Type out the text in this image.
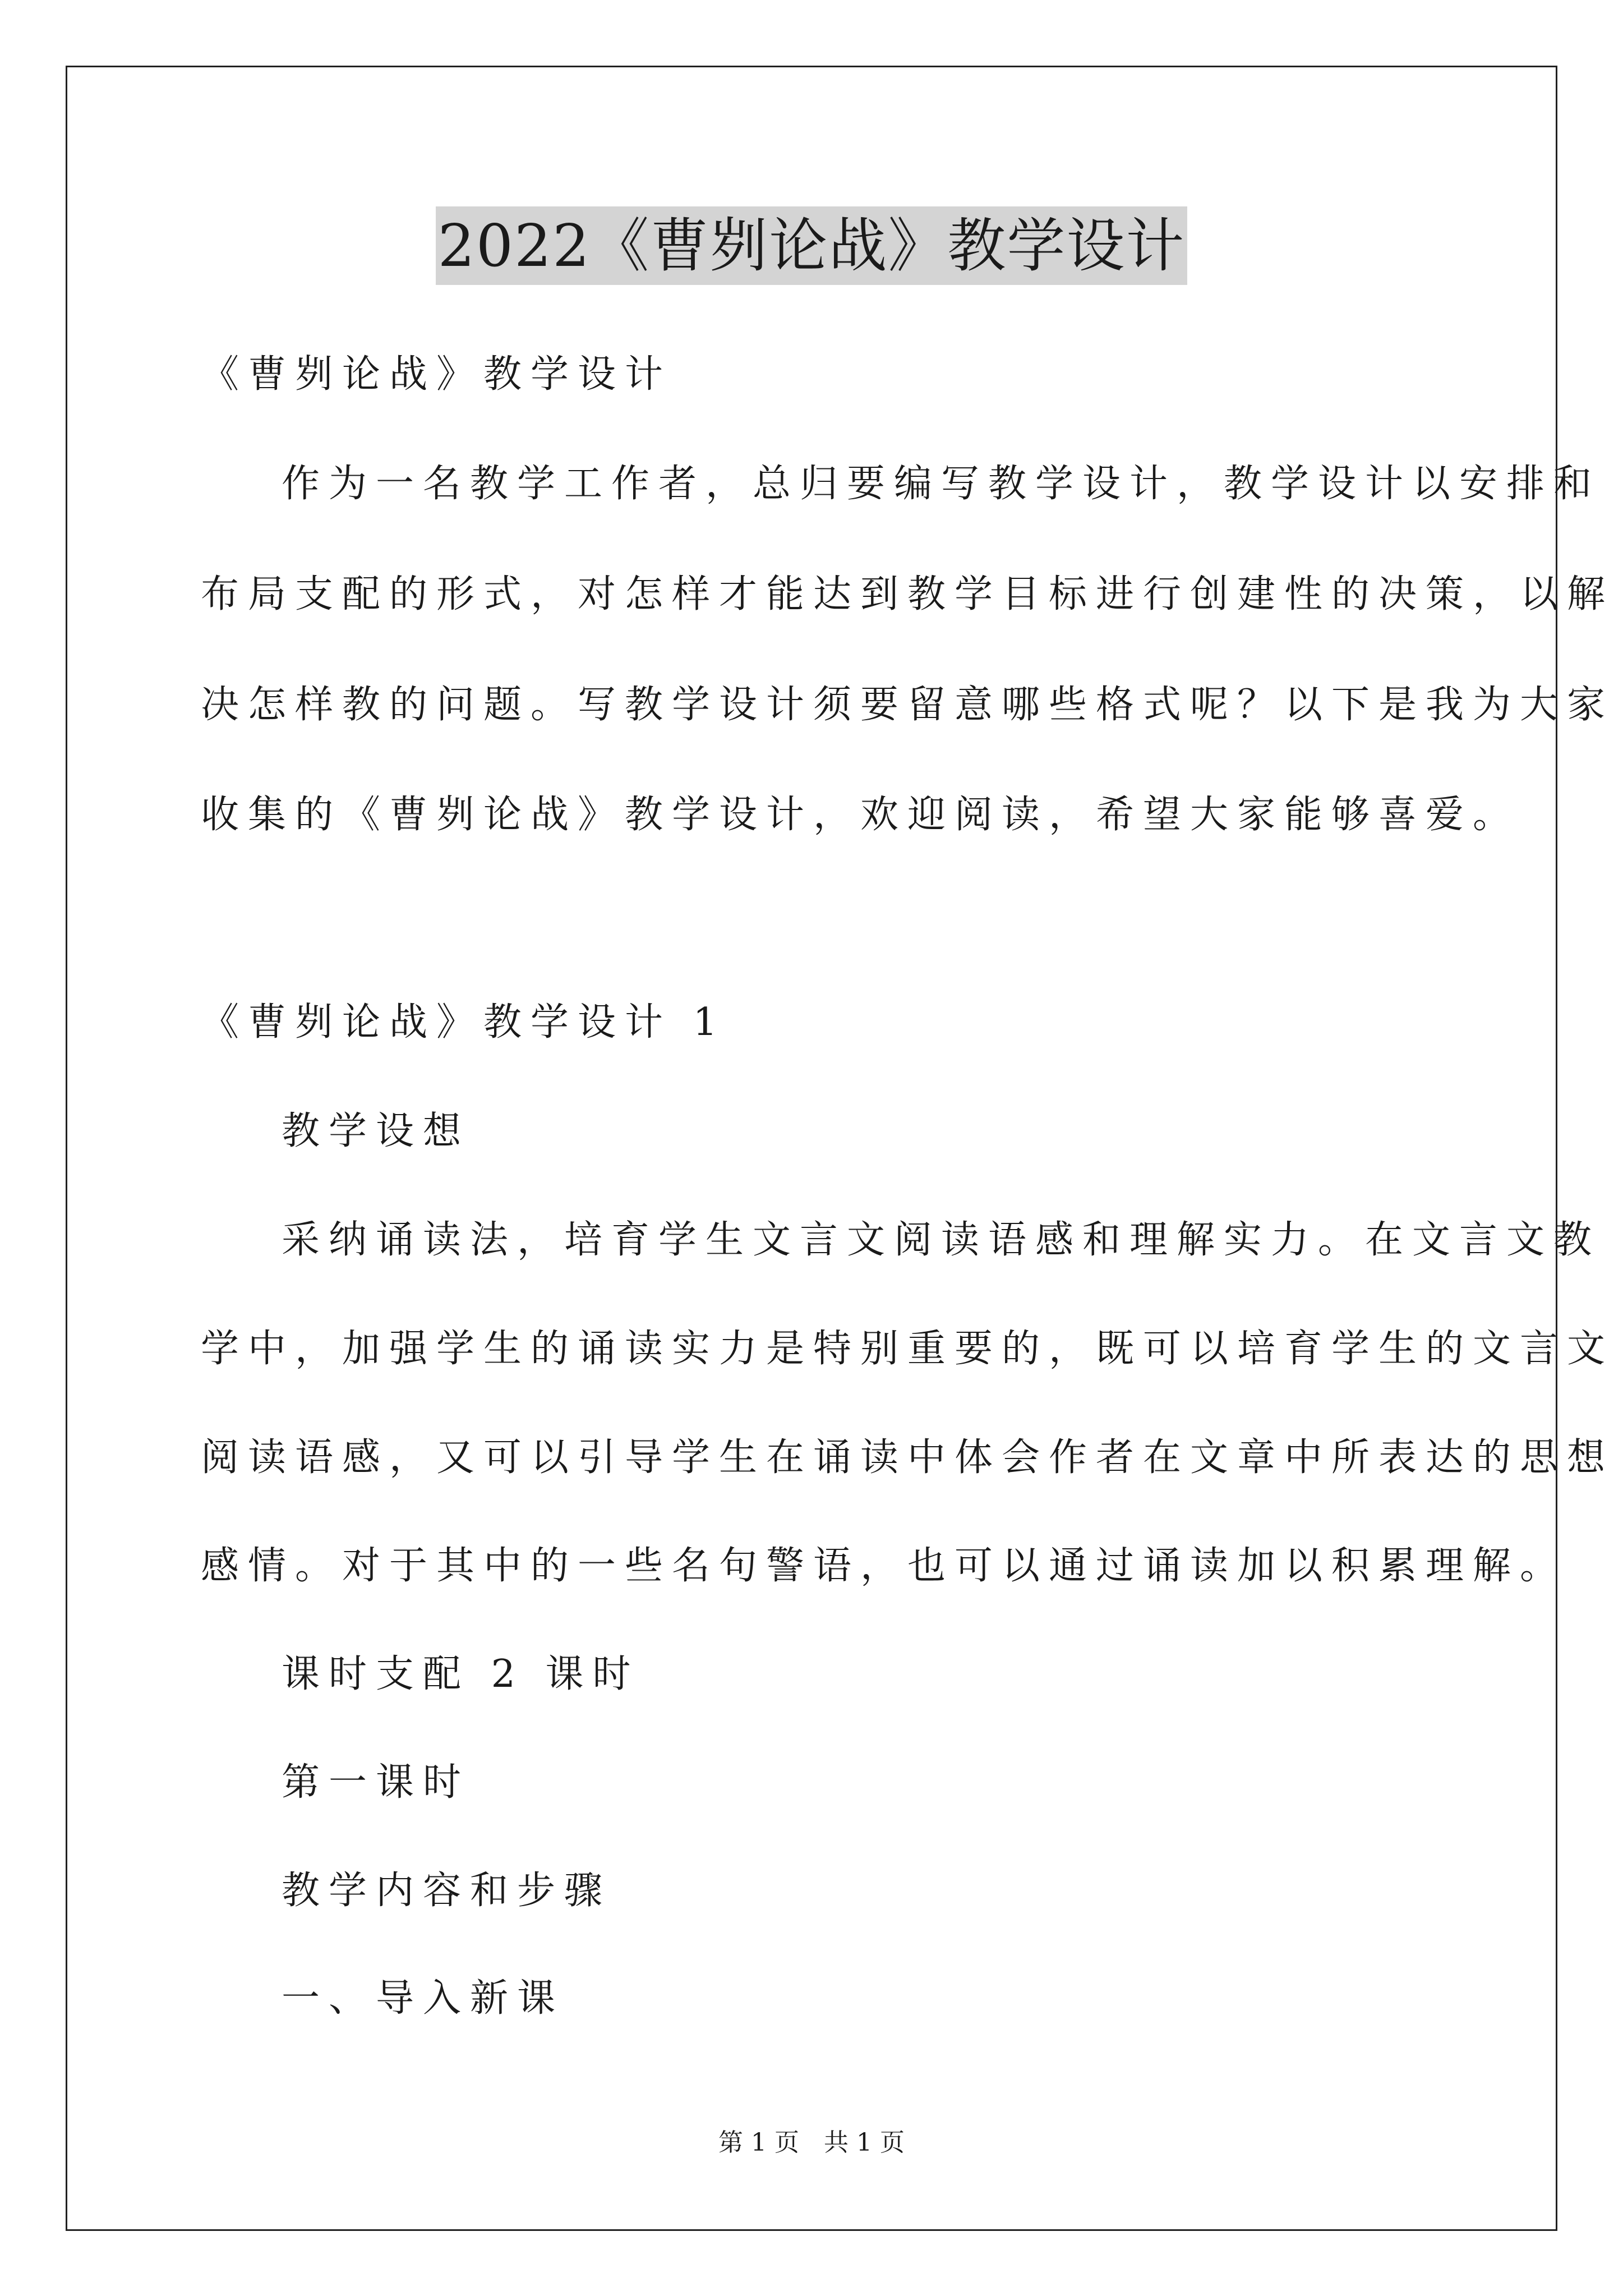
2022《曹刿论战》教学设计
《曹刿论战》教学设计
作为一名教学工作者，总归要编写教学设计，教学设计以安排和
布局支配的形式，对怎样才能达到教学目标进行创建性的决策，以解
决怎样教的问题。写教学设计须要留意哪些格式呢？以下是我为大家
收集的《曹刿论战》教学设计，欢迎阅读，希望大家能够喜爱。
《曹刿论战》教学设计 1
教学设想
采纳诵读法，培育学生文言文阅读语感和理解实力。在文言文教
学中，加强学生的诵读实力是特别重要的，既可以培育学生的文言文
阅读语感，又可以引导学生在诵读中体会作者在文章中所表达的思想
感情。对于其中的一些名句警语，也可以通过诵读加以积累理解。
课时支配 2 课时
第一课时
教学内容和步骤
一、导入新课
第 1 页　共 1 页
